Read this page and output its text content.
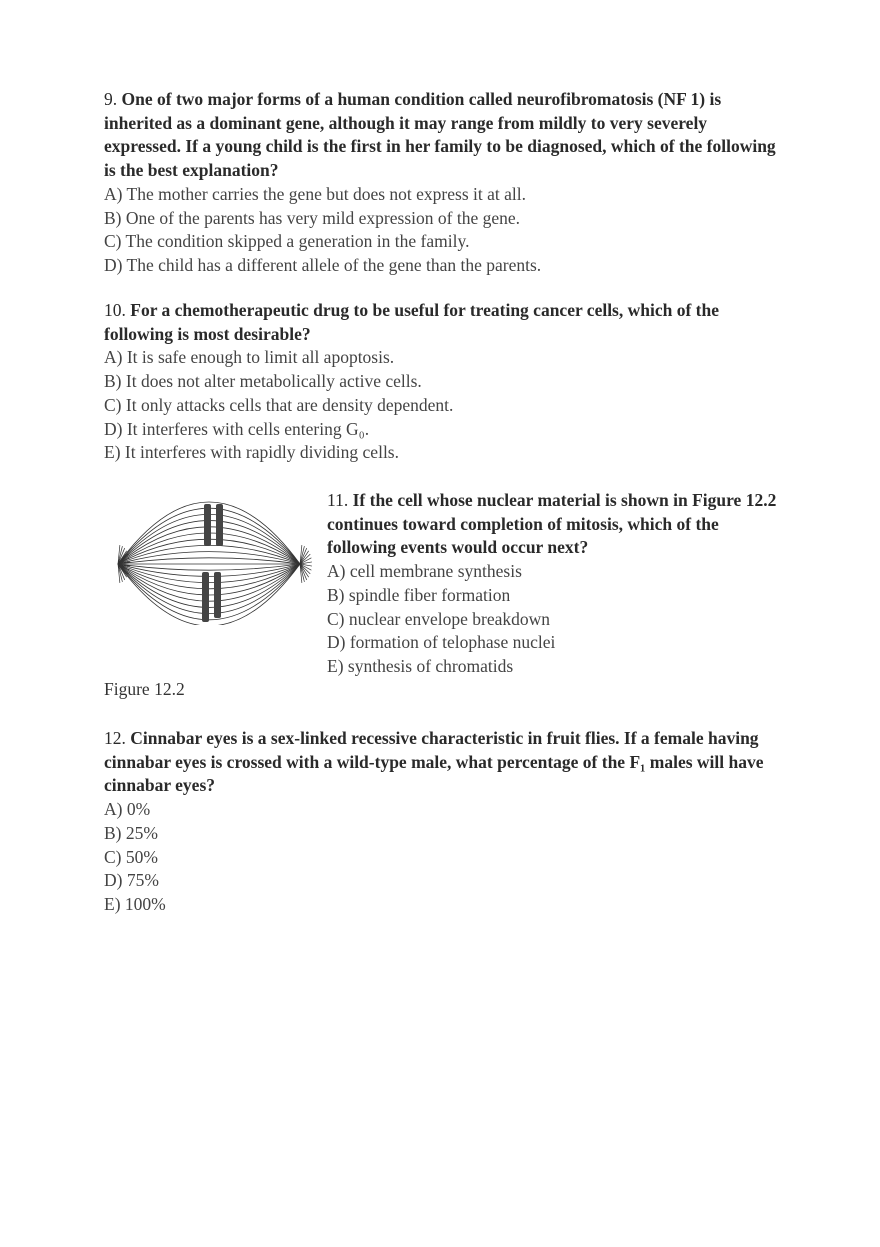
9. One of two major forms of a human condition called neurofibromatosis (NF 1) is inherited as a dominant gene, although it may range from mildly to very severely expressed. If a young child is the first in her family to be diagnosed, which of the following is the best explanation?
A) The mother carries the gene but does not express it at all.
B) One of the parents has very mild expression of the gene.
C) The condition skipped a generation in the family.
D) The child has a different allele of the gene than the parents.
10. For a chemotherapeutic drug to be useful for treating cancer cells, which of the following is most desirable?
A) It is safe enough to limit all apoptosis.
B) It does not alter metabolically active cells.
C) It only attacks cells that are density dependent.
D) It interferes with cells entering G₀.
E) It interferes with rapidly dividing cells.
Figure 12.2
11. If the cell whose nuclear material is shown in Figure 12.2 continues toward completion of mitosis, which of the following events would occur next?
A) cell membrane synthesis
B) spindle fiber formation
C) nuclear envelope breakdown
D) formation of telophase nuclei
E) synthesis of chromatids
12. Cinnabar eyes is a sex-linked recessive characteristic in fruit flies. If a female having cinnabar eyes is crossed with a wild-type male, what percentage of the F₁ males will have cinnabar eyes?
A) 0%
B) 25%
C) 50%
D) 75%
E) 100%
